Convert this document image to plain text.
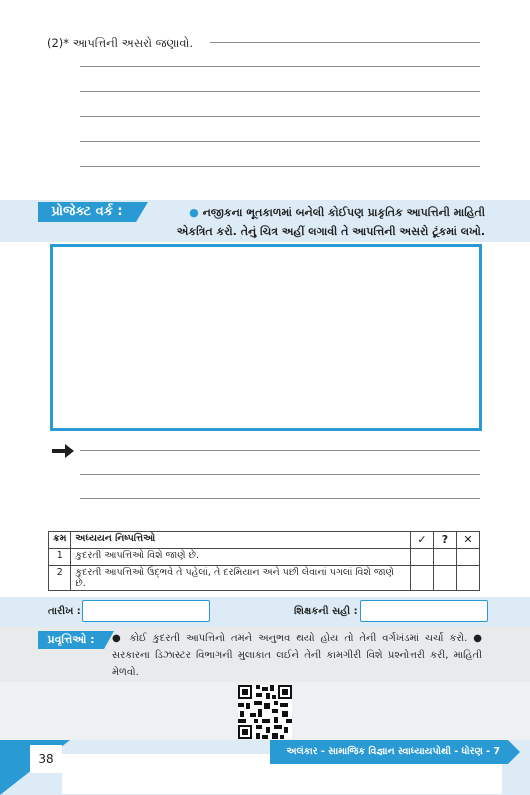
(2)* આપત્તિની અસરો જણાવો.
પ્રોજેક્ટ વર્ક :	● નજીકના ભૂતકાળમાં બનેલી કોઈપણ પ્રાકૃતિક આપત્તિની માહિતી એકત્રિત કરો. તેનું ચિત્ર અહીં લગાવી તે આપત્તિની અસરો ટૂંકમાં લખો.
ક્રમ	અધ્યયન નિષ્પત્તિઓ	✓	?	✕
1	કુદરતી આપત્તિઓ વિશે જાણે છે.			
2	કુદરતી આપત્તિઓ ઉદ્ભવે તે પહેલાં, તે દરમિયાન અને પછી લેવાનાં પગલાં વિશે જાણે છે.			
તારીખ :	શિક્ષકની સહી :
પ્રવૃત્તિઓ :	● કોઈ કુદરતી આપત્તિનો તમને અનુભવ થયો હોય તો તેની વર્ગખંડમાં ચર્ચા કરો. ● સરકારના ડિઝાસ્ટર વિભાગની મુલાકાત લઈને તેની કામગીરી વિશે પ્રશ્નોત્તરી કરી, માહિતી મેળવો.
38
અલંકાર - સામાજિક વિજ્ઞાન સ્વાધ્યાયપોથી - ધોરણ - 7
